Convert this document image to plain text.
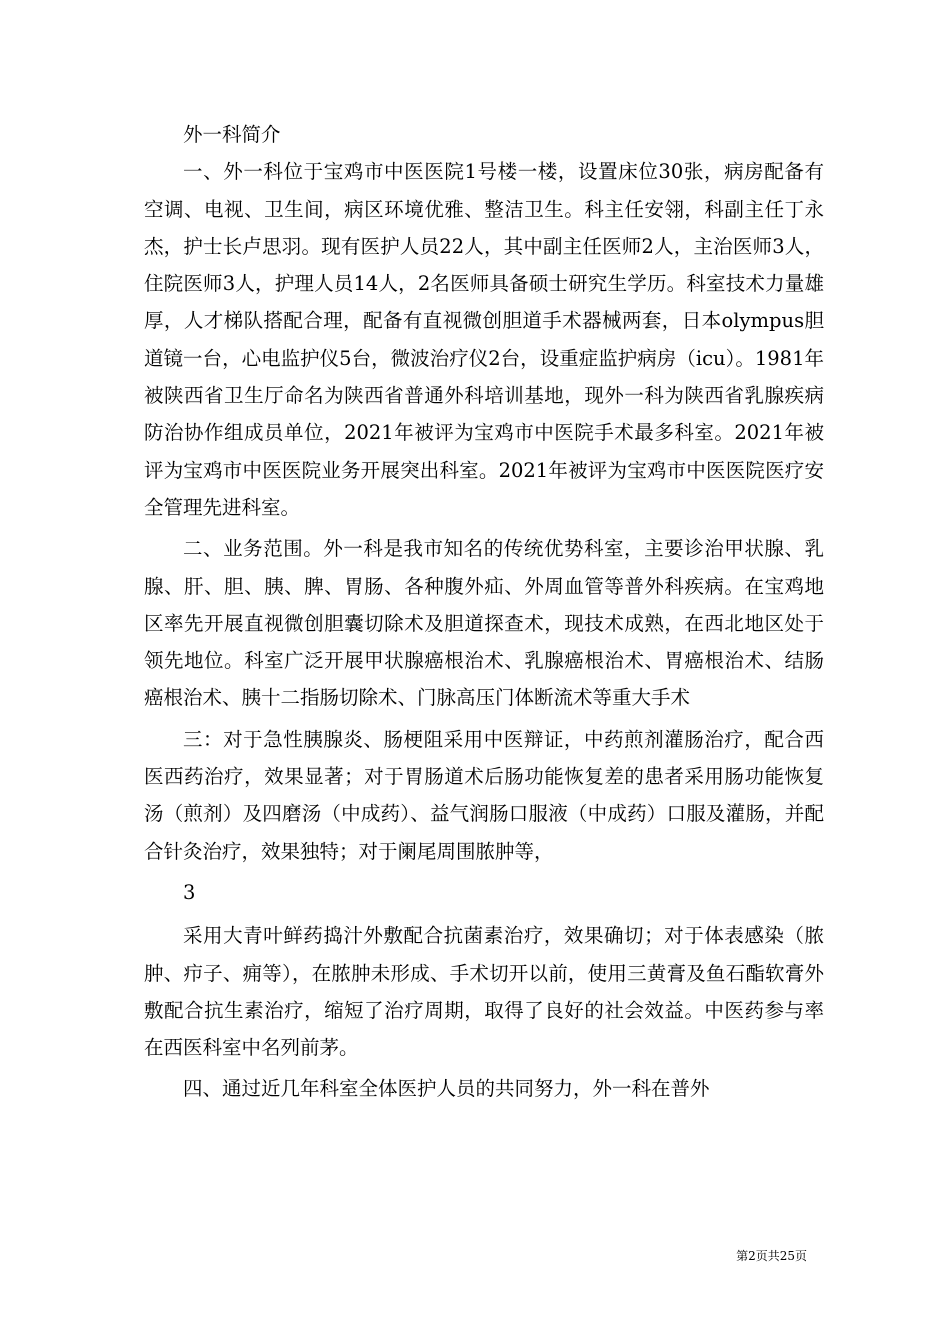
外一科简介

一、外一科位于宝鸡市中医医院1号楼一楼，设置床位30张，病房配备有空调、电视、卫生间，病区环境优雅、整洁卫生。科主任安翎，科副主任丁永杰，护士长卢思羽。现有医护人员22人，其中副主任医师2人，主治医师3人，住院医师3人，护理人员14人，2名医师具备硕士研究生学历。科室技术力量雄厚，人才梯队搭配合理，配备有直视微创胆道手术器械两套，日本olympus胆道镜一台，心电监护仪5台，微波治疗仪2台，设重症监护病房（icu）。1981年被陕西省卫生厅命名为陕西省普通外科培训基地，现外一科为陕西省乳腺疾病防治协作组成员单位，2021年被评为宝鸡市中医院手术最多科室。2021年被评为宝鸡市中医医院业务开展突出科室。2021年被评为宝鸡市中医医院医疗安全管理先进科室。

二、业务范围。外一科是我市知名的传统优势科室，主要诊治甲状腺、乳腺、肝、胆、胰、脾、胃肠、各种腹外疝、外周血管等普外科疾病。在宝鸡地区率先开展直视微创胆囊切除术及胆道探查术，现技术成熟，在西北地区处于领先地位。科室广泛开展甲状腺癌根治术、乳腺癌根治术、胃癌根治术、结肠癌根治术、胰十二指肠切除术、门脉高压门体断流术等重大手术

三：对于急性胰腺炎、肠梗阻采用中医辩证，中药煎剂灌肠治疗，配合西医西药治疗，效果显著；对于胃肠道术后肠功能恢复差的患者采用肠功能恢复汤（煎剂）及四磨汤（中成药）、益气润肠口服液（中成药）口服及灌肠，并配合针灸治疗，效果独特；对于阑尾周围脓肿等，

3

采用大青叶鲜药捣汁外敷配合抗菌素治疗，效果确切；对于体表感染（脓肿、疖子、痈等），在脓肿未形成、手术切开以前，使用三黄膏及鱼石酯软膏外敷配合抗生素治疗，缩短了治疗周期，取得了良好的社会效益。中医药参与率在西医科室中名列前茅。

四、通过近几年科室全体医护人员的共同努力，外一科在普外

第2页共25页
